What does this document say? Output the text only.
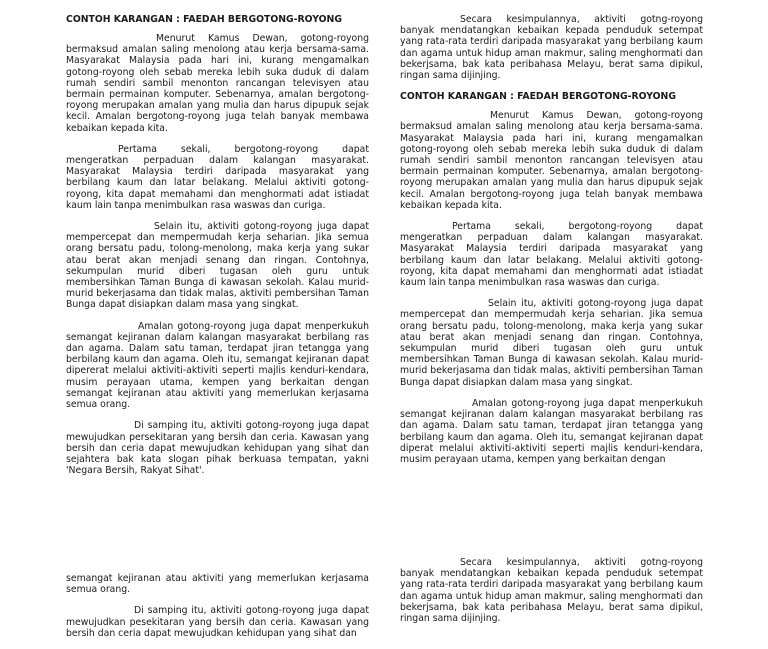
CONTOH KARANGAN : FAEDAH BERGOTONG-ROYONG

Menurut Kamus Dewan, gotong-royong bermaksud amalan saling menolong atau kerja bersama-sama. Masyarakat Malaysia pada hari ini, kurang mengamalkan gotong-royong oleh sebab mereka lebih suka duduk di dalam rumah sendiri sambil menonton rancangan televisyen atau bermain permainan komputer. Sebenarnya, amalan bergotong-royong merupakan amalan yang mulia dan harus dipupuk sejak kecil. Amalan bergotong-royong juga telah banyak membawa kebaikan kepada kita.

Pertama sekali, bergotong-royong dapat mengeratkan perpaduan dalam kalangan masyarakat. Masyarakat Malaysia terdiri daripada masyarakat yang berbilang kaum dan latar belakang. Melalui aktiviti gotong-royong, kita dapat memahami dan menghormati adat istiadat kaum lain tanpa menimbulkan rasa waswas dan curiga.

Selain itu, aktiviti gotong-royong juga dapat mempercepat dan mempermudah kerja seharian. Jika semua orang bersatu padu, tolong-menolong, maka kerja yang sukar atau berat akan menjadi senang dan ringan. Contohnya, sekumpulan murid diberi tugasan oleh guru untuk membersihkan Taman Bunga di kawasan sekolah. Kalau murid-murid bekerjasama dan tidak malas, aktiviti pembersihan Taman Bunga dapat disiapkan dalam masa yang singkat.

Amalan gotong-royong juga dapat menperkukuh semangat kejiranan dalam kalangan masyarakat berbilang ras dan agama. Dalam satu taman, terdapat jiran tetangga yang berbilang kaum dan agama. Oleh itu, semangat kejiranan dapat dipererat melalui aktiviti-aktiviti seperti majlis kenduri-kendara, musim perayaan utama, kempen yang berkaitan dengan semangat kejiranan atau aktiviti yang memerlukan kerjasama semua orang.

Di samping itu, aktiviti gotong-royong juga dapat mewujudkan persekitaran yang bersih dan ceria. Kawasan yang bersih dan ceria dapat mewujudkan kehidupan yang sihat dan sejahtera bak kata slogan pihak berkuasa tempatan, yakni 'Negara Bersih, Rakyat Sihat'.

Secara kesimpulannya, aktiviti gotng-royong banyak mendatangkan kebaikan kepada penduduk setempat yang rata-rata terdiri daripada masyarakat yang berbilang kaum dan agama untuk hidup aman makmur, saling menghormati dan bekerjsama, bak kata peribahasa Melayu, berat sama dipikul, ringan sama dijinjing.

CONTOH KARANGAN : FAEDAH BERGOTONG-ROYONG

Menurut Kamus Dewan, gotong-royong bermaksud amalan saling menolong atau kerja bersama-sama. Masyarakat Malaysia pada hari ini, kurang mengamalkan gotong-royong oleh sebab mereka lebih suka duduk di dalam rumah sendiri sambil menonton rancangan televisyen atau bermain permainan komputer. Sebenarnya, amalan bergotong-royong merupakan amalan yang mulia dan harus dipupuk sejak kecil. Amalan bergotong-royong juga telah banyak membawa kebaikan kepada kita.

Pertama sekali, bergotong-royong dapat mengeratkan perpaduan dalam kalangan masyarakat. Masyarakat Malaysia terdiri daripada masyarakat yang berbilang kaum dan latar belakang. Melalui aktiviti gotong-royong, kita dapat memahami dan menghormati adat istiadat kaum lain tanpa menimbulkan rasa waswas dan curiga.

Selain itu, aktiviti gotong-royong juga dapat mempercepat dan mempermudah kerja seharian. Jika semua orang bersatu padu, tolong-menolong, maka kerja yang sukar atau berat akan menjadi senang dan ringan. Contohnya, sekumpulan murid diberi tugasan oleh guru untuk membersihkan Taman Bunga di kawasan sekolah. Kalau murid-murid bekerjasama dan tidak malas, aktiviti pembersihan Taman Bunga dapat disiapkan dalam masa yang singkat.

Amalan gotong-royong juga dapat menperkukuh semangat kejiranan dalam kalangan masyarakat berbilang ras dan agama. Dalam satu taman, terdapat jiran tetangga yang berbilang kaum dan agama. Oleh itu, semangat kejiranan dapat diperat melalui aktiviti-aktiviti seperti majlis kenduri-kendara, musim perayaan utama, kempen yang berkaitan dengan

semangat kejiranan atau aktiviti yang memerlukan kerjasama semua orang.

Di samping itu, aktiviti gotong-royong juga dapat mewujudkan pesekitaran yang bersih dan ceria. Kawasan yang bersih dan ceria dapat mewujudkan kehidupan yang sihat dan

Secara kesimpulannya, aktiviti gotng-royong banyak mendatangkan kebaikan kepada penduduk setempat yang rata-rata terdiri daripada masyarakat yang berbilang kaum dan agama untuk hidup aman makmur, saling menghormati dan bekerjsama, bak kata peribahasa Melayu, berat sama dipikul, ringan sama dijinjing.
